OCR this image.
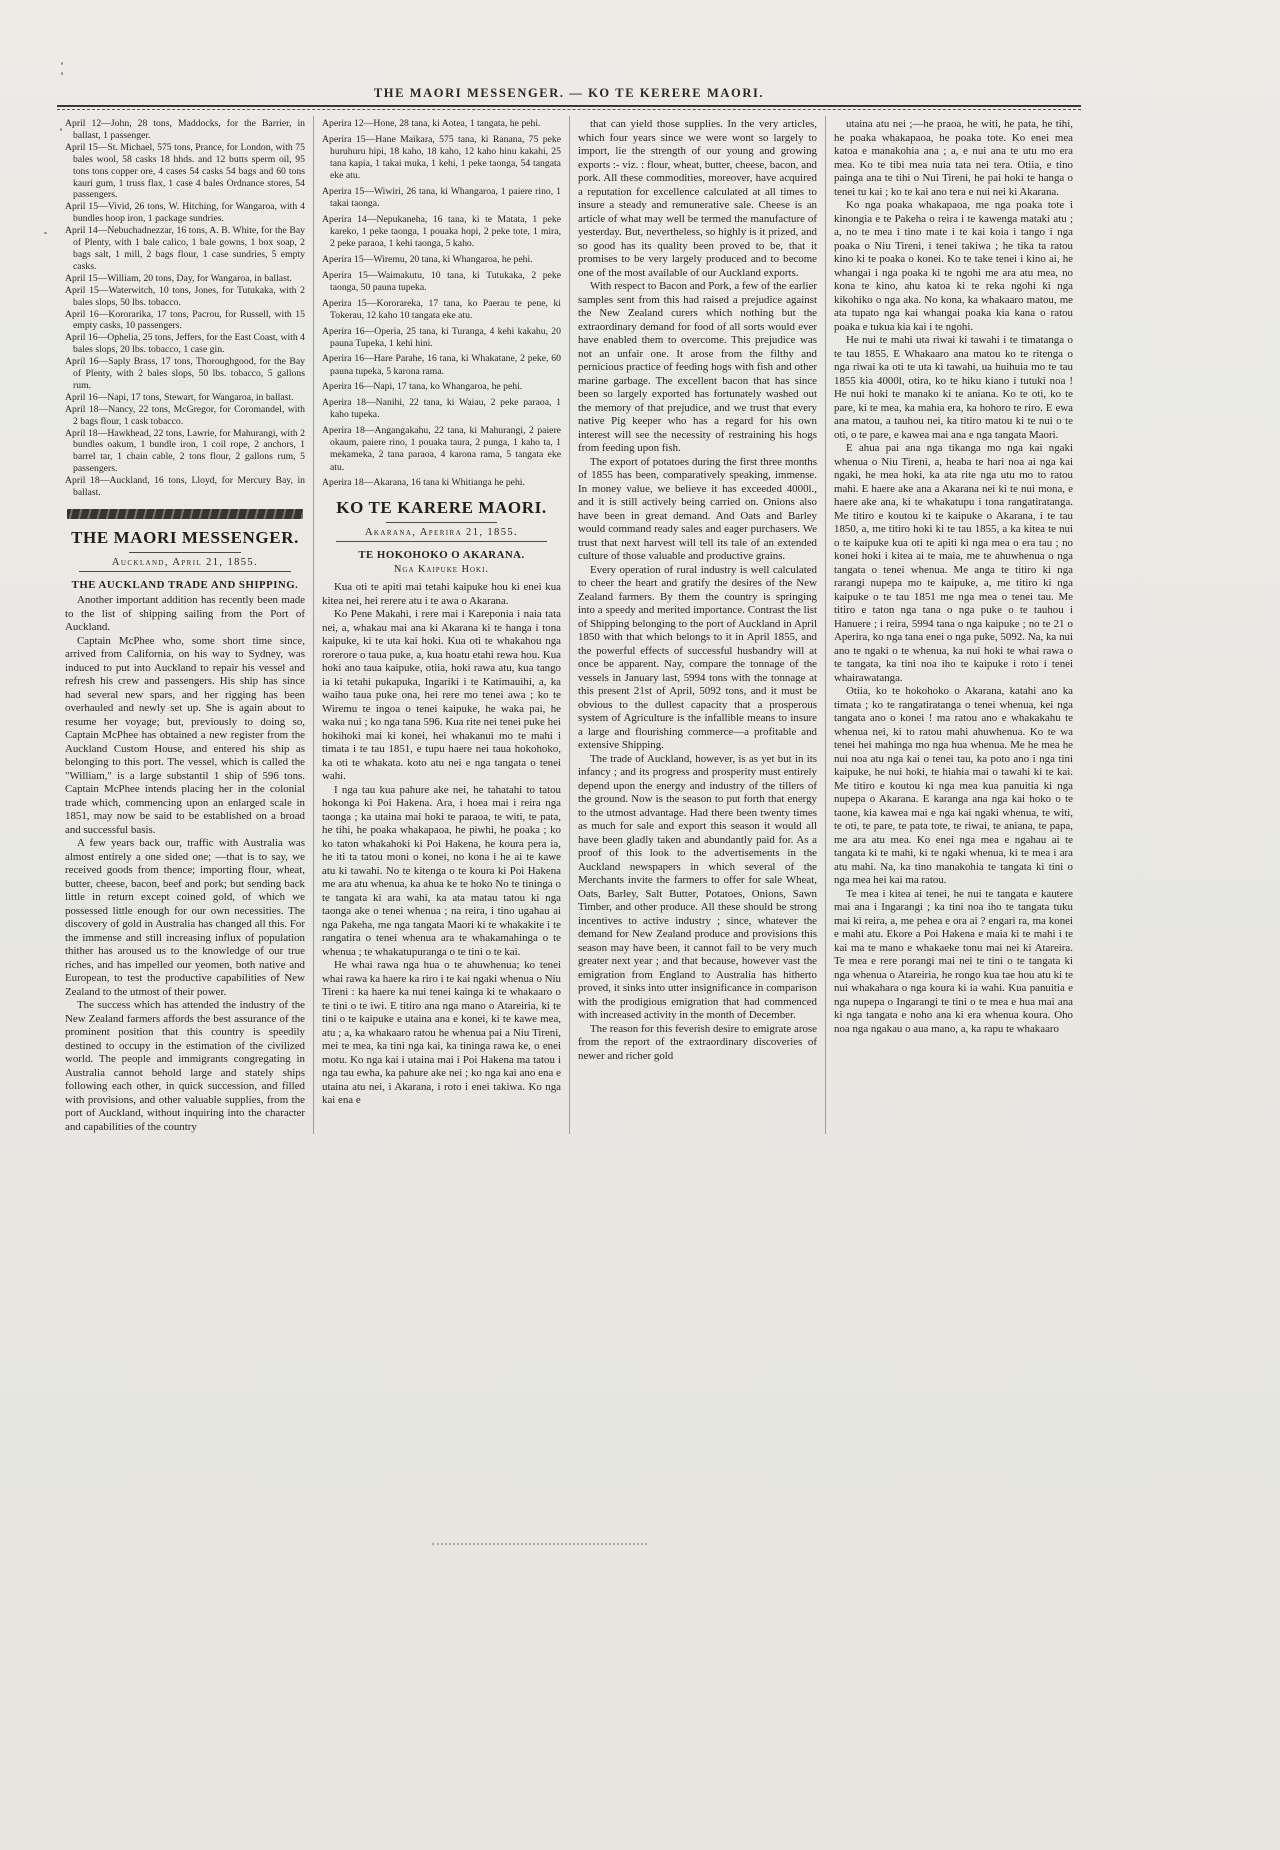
THE MAORI MESSENGER. — KO TE KERERE MAORI.

April 12—John, 28 tons, Maddocks, for the Barrier, in ballast, 1 passenger.

April 15—St. Michael, 575 tons, Prance, for London, with 75 bales wool, 58 casks 18 hhds. and 12 butts sperm oil, 95 tons tons copper ore, 4 cases 54 casks 54 bags and 60 tons kauri gum, 1 truss flax, 1 case 4 bales Ordnance stores, 54 passengers.

April 15—Vivid, 26 tons, W. Hitching, for Wangaroa, with 4 bundles hoop iron, 1 package sundries.

April 14—Nebuchadnezzar, 16 tons, A. B. White, for the Bay of Plenty, with 1 bale calico, 1 bale gowns, 1 box soap, 2 bags salt, 1 mill, 2 bags flour, 1 case sundries, 5 empty casks.

April 15—William, 20 tons, Day, for Wangaroa, in ballast.

April 15—Waterwitch, 10 tons, Jones, for Tutukaka, with 2 bales slops, 50 lbs. tobacco.

April 16—Kororarika, 17 tons, Pacrou, for Russell, with 15 empty casks, 10 passengers.

April 16—Ophelia, 25 tons, Jeffers, for the East Coast, with 4 bales slops, 20 lbs. tobacco, 1 case gin.

April 16—Saply Brass, 17 tons, Thoroughgood, for the Bay of Plenty, with 2 bales slops, 50 lbs. tobacco, 5 gallons rum.

April 16—Napi, 17 tons, Stewart, for Wangaroa, in ballast.

April 18—Nancy, 22 tons, McGregor, for Coromandel, with 2 bags flour, 1 cask tobacco.

April 18—Hawkhead, 22 tons, Lawrie, for Mahurangi, with 2 bundles oakum, 1 bundle iron, 1 coil rope, 2 anchors, 1 barrel tar, 1 chain cable, 2 tons flour, 2 gallons rum, 5 passengers.

April 18—Auckland, 16 tons, Lloyd, for Mercury Bay, in ballast.

THE MAORI MESSENGER.
Auckland, April 21, 1855.
THE AUCKLAND TRADE AND SHIPPING.

Another important addition has recently been made to the list of shipping sailing from the Port of Auckland.

Captain McPhee who, some short time since, arrived from California, on his way to Sydney, was induced to put into Auckland to repair his vessel and refresh his crew and passengers. His ship has since had several new spars, and her rigging has been overhauled and newly set up. She is again about to resume her voyage; but, previously to doing so, Captain McPhee has obtained a new register from the Auckland Custom House, and entered his ship as belonging to this port. The vessel, which is called the "William," is a large substantil 1 ship of 596 tons. Captain McPhee intends placing her in the colonial trade which, commencing upon an enlarged scale in 1851, may now be said to be established on a broad and successful basis.

A few years back our, traffic with Australia was almost entirely a one sided one; —that is to say, we received goods from thence; importing flour, wheat, butter, cheese, bacon, beef and pork; but sending back little in return except coined gold, of which we possessed little enough for our own necessities. The discovery of gold in Australia has changed all this. For the immense and still increasing influx of population thither has aroused us to the knowledge of our true riches, and has impelled our yeomen, both native and European, to test the productive capabilities of New Zealand to the utmost of their power.

The success which has attended the industry of the New Zealand farmers affords the best assurance of the prominent position that this country is speedily destined to occupy in the estimation of the civilized world. The people and immigrants congregating in Australia cannot behold large and stately ships following each other, in quick succession, and filled with provisions, and other valuable supplies, from the port of Auckland, without inquiring into the character and capabilities of the country

Aperira 12—Hone, 28 tana, ki Aotea, 1 tangata, he pehi.

Aperira 15—Hane Maikara, 575 tana, ki Ranana, 75 peke huruhuru hipi, 18 kaho, 18 kaho, 12 kaho hinu kakahi, 25 tana kapia, 1 takai muka, 1 kehi, 1 peke taonga, 54 tangata eke atu.

Aperira 15—Wiwiri, 26 tana, ki Whangaroa, 1 paiere rino, 1 takai taonga.

Aperira 14—Nepukaneha, 16 tana, ki te Matata, 1 peke kareko, 1 peke taonga, 1 pouaka hopi, 2 peke tote, 1 mira, 2 peke paraoa, 1 kehi taonga, 5 kaho.

Aperira 15—Wiremu, 20 tana, ki Whangaroa, he pehi.

Aperira 15—Waimakutu, 10 tana, ki Tutukaka, 2 peke taonga, 50 pauna tupeka.

Aperira 15—Kororareka, 17 tana, ko Paerau te pene, ki Tokerau, 12 kaho 10 tangata eke atu.

Aperira 16—Operia, 25 tana, ki Turanga, 4 kehi kakahu, 20 pauna Tupeka, 1 kehi hini.

Aperira 16—Hare Parahe, 16 tana, ki Whakatane, 2 peke, 60 pauna tupeka, 5 karona rama.

Aperira 16—Napi, 17 tana, ko Whangaroa, he pehi.

Aperira 18—Nanihi, 22 tana, ki Waiau, 2 peke paraoa, 1 kaho tupeka.

Aperira 18—Angangakahu, 22 tana, ki Mahurangi, 2 paiere okaum, paiere rino, 1 pouaka taura, 2 punga, 1 kaho ta, 1 mekameka, 2 tana paraoa, 4 karona rama, 5 tangata eke atu.

Aperira 18—Akarana, 16 tana ki Whitianga he pehi.

KO TE KARERE MAORI.
Akarana, Aperira 21, 1855.
TE HOKOHOKO O AKARANA.
Nga Kaipuke Hoki.

Kua oti te apiti mai tetahi kaipuke hou ki enei kua kitea nei, hei rerere atu i te awa o Akarana.

Ko Pene Makahi, i rere mai i Kareponia i naia tata nei, a, whakau mai ana ki Akarana ki te hanga i tona kaipuke, ki te uta kai hoki. Kua oti te whakahou nga rorerore o taua puke, a, kua hoatu etahi rewa hou. Kua hoki ano taua kaipuke, otiia, hoki rawa atu, kua tango ia ki tetahi pukapuka, Ingariki i te Katimauihi, a, ka waiho taua puke ona, hei rere mo tenei awa ; ko te Wiremu te ingoa o tenei kaipuke, he waka pai, he waka nui ; ko nga tana 596. Kua rite nei tenei puke hei hokihoki mai ki konei, hei whakanui mo te mahi i timata i te tau 1851, e tupu haere nei taua hokohoko, ka oti te whakata. koto atu nei e nga tangata o tenei wahi.

I nga tau kua pahure ake nei, he tahatahi to tatou hokonga ki Poi Hakena. Ara, i hoea mai i reira nga taonga ; ka utaina mai hoki te paraoa, te witi, te pata, he tihi, he poaka whakapaoa, he piwhi, he poaka ; ko ko taton whakahoki ki Poi Hakena, he koura pera ia, he iti ta tatou moni o konei, no kona i he ai te kawe atu ki tawahi. No te kitenga o te koura ki Poi Hakena me ara atu whenua, ka ahua ke te hoko No te tininga o te tangata ki ara wahi, ka ata matau tatou ki nga taonga ake o tenei whenua ; na reira, i tino ugahau ai nga Pakeha, me nga tangata Maori ki te whakakite i te rangatira o tenei whenua ara te whakamahinga o te whenua ; te whakatupuranga o te tini o te kai.

He whai rawa nga hua o te ahuwhenua; ko tenei whai rawa ka haere ka riro i te kai ngaki whenua o Niu Tireni : ka haere ka nui tenei kainga ki te whakaaro o te tini o te iwi. E titiro ana nga mano o Atareiria, ki te tini o te kaipuke e utaina ana e konei, ki te kawe mea, atu ; a, ka whakaaro ratou he whenua pai a Niu Tireni, mei te mea, ka tini nga kai, ka tininga rawa ke, o enei motu. Ko nga kai i utaina mai i Poi Hakena ma tatou i nga tau ewha, ka pahure ake nei ; ko nga kai ano ena e utaina atu nei, i Akarana, i roto i enei takiwa. Ko nga kai ena e

that can yield those supplies. In the very articles, which four years since we were wont so largely to import, lie the strength of our young and growing exports :- viz. : flour, wheat, butter, cheese, bacon, and pork. All these commodities, moreover, have acquired a reputation for excellence calculated at all times to insure a steady and remunerative sale. Cheese is an article of what may well be termed the manufacture of yesterday. But, nevertheless, so highly is it prized, and so good has its quality been proved to be, that it promises to be very largely produced and to become one of the most available of our Auckland exports.

With respect to Bacon and Pork, a few of the earlier samples sent from this had raised a prejudice against the New Zealand curers which nothing but the extraordinary demand for food of all sorts would ever have enabled them to overcome. This prejudice was not an unfair one. It arose from the filthy and pernicious practice of feeding hogs with fish and other marine garbage. The excellent bacon that has since been so largely exported has fortunately washed out the memory of that prejudice, and we trust that every native Pig keeper who has a regard for his own interest will see the necessity of restraining his hogs from feeding upon fish.

The export of potatoes during the first three months of 1855 has been, comparatively speaking, immense. In money value, we believe it has exceeded 4000l., and it is still actively being carried on. Onions also have been in great demand. And Oats and Barley would command ready sales and eager purchasers. We trust that next harvest will tell its tale of an extended culture of those valuable and productive grains.

Every operation of rural industry is well calculated to cheer the heart and gratify the desires of the New Zealand farmers. By them the country is springing into a speedy and merited importance. Contrast the list of Shipping belonging to the port of Auckland in April 1850 with that which belongs to it in April 1855, and the powerful effects of successful husbandry will at once be apparent. Nay, compare the tonnage of the vessels in January last, 5994 tons with the tonnage at this present 21st of April, 5092 tons, and it must be obvious to the dullest capacity that a prosperous system of Agriculture is the infallible means to insure a large and flourishing commerce—a profitable and extensive Shipping.

The trade of Auckland, however, is as yet but in its infancy ; and its progress and prosperity must entirely depend upon the energy and industry of the tillers of the ground. Now is the season to put forth that energy to the utmost advantage. Had there been twenty times as much for sale and export this season it would all have been gladly taken and abundantly paid for. As a proof of this look to the advertisements in the Auckland newspapers in which several of the Merchants invite the farmers to offer for sale Wheat, Oats, Barley, Salt Butter, Potatoes, Onions, Sawn Timber, and other produce. All these should be strong incentives to active industry ; since, whatever the demand for New Zealand produce and provisions this season may have been, it cannot fail to be very much greater next year ; and that because, however vast the emigration from England to Australia has hitherto proved, it sinks into utter insignificance in comparison with the prodigious emigration that had commenced with increased activity in the month of December.

The reason for this feverish desire to emigrate arose from the report of the extraordinary discoveries of newer and richer gold

utaina atu nei ;—he praoa, he witi, he pata, he tihi, he poaka whakapaoa, he poaka tote. Ko enei mea katoa e manakohia ana ; a, e nui ana te utu mo era mea. Ko te tibi mea nuia tata nei tera. Otiia, e tino painga ana te tihi o Nui Tireni, he pai hoki te hanga o tenei tu kai ; ko te kai ano tera e nui nei ki Akarana.

Ko nga poaka whakapaoa, me nga poaka tote i kinongia e te Pakeha o reira i te kawenga mataki atu ; a, no te mea i tino mate i te kai koia i tango i nga poaka o Niu Tireni, i tenei takiwa ; he tika ta ratou kino ki te poaka o konei. Ko te take tenei i kino ai, he whangai i nga poaka ki te ngohi me ara atu mea, no kona te kino, ahu katoa ki te reka ngohi ki nga kikohiko o nga aka. No kona, ka whakaaro matou, me ata tupato nga kai whangai poaka kia kana o ratou poaka e tukua kia kai i te ngohi.

He nui te mahi uta riwai ki tawahi i te timatanga o te tau 1855. E Whakaaro ana matou ko te ritenga o nga riwai ka oti te uta ki tawahi, ua huihuia mo te tau 1855 kia 4000l, otira, ko te hiku kiano i tutuki noa ! He nui hoki te manako ki te aniana. Ko te oti, ko te pare, ki te mea, ka mahia era, ka hohoro te riro. E ewa ana matou, a tauhou nei, ka titiro matou ki te nui o te oti, o te pare, e kawea mai ana e nga tangata Maori.

E ahua pai ana nga tikanga mo nga kai ngaki whenua o Niu Tireni, a, heaba te hari noa ai nga kai ngaki, he mea hoki, ka ata rite nga utu mo to ratou mahi. E haere ake ana a Akarana nei ki te nui mona, e haere ake ana, ki te whakatupu i tona rangatiratanga. Me titiro e koutou ki te kaipuke o Akarana, i te tau 1850, a, me titiro hoki ki te tau 1855, a ka kitea te nui o te kaipuke kua oti te apiti ki nga mea o era tau ; no konei hoki i kitea ai te maia, me te ahuwhenua o nga tangata o tenei whenua. Me anga te titiro ki nga rarangi nupepa mo te kaipuke, a, me titiro ki nga kaipuke o te tau 1851 me nga mea o tenei tau. Me titiro e taton nga tana o nga puke o te tauhou i Hanuere ; i reira, 5994 tana o nga kaipuke ; no te 21 o Aperira, ko nga tana enei o nga puke, 5092. Na, ka nui ano te ngaki o te whenua, ka nui hoki te whai rawa o te tangata, ka tini noa iho te kaipuke i roto i tenei whairawatanga.

Otiia, ko te hokohoko o Akarana, katahi ano ka timata ; ko te rangatiratanga o tenei whenua, kei nga tangata ano o konei ! ma ratou ano e whakakahu te whenua nei, ki to ratou mahi ahuwhenua. Ko te wa tenei hei mahinga mo nga hua whenua. Me he mea he nui noa atu nga kai o tenei tau, ka poto ano i nga tini kaipuke, he nui hoki, te hiahia mai o tawahi ki te kai. Me titiro e koutou ki nga mea kua panuitia ki nga nupepa o Akarana. E karanga ana nga kai hoko o te taone, kia kawea mai e nga kai ngaki whenua, te witi, te oti, te pare, te pata tote, te riwai, te aniana, te papa, me ara atu mea. Ko enei nga mea e ngahau ai te tangata ki te mahi, ki te ngaki whenua, ki te mea i ara atu mahi. Na, ka tino manakohia te tangata ki tini o nga mea hei kai ma ratou.

Te mea i kitea ai tenei, he nui te tangata e kautere mai ana i Ingarangi ; ka tini noa iho te tangata tuku mai ki reira, a, me pehea e ora ai ? engari ra, ma konei e mahi atu. Ekore a Poi Hakena e maia ki te mahi i te kai ma te mano e whakaeke tonu mai nei ki Atareira. Te mea e rere porangi mai nei te tini o te tangata ki nga whenua o Atareiria, he rongo kua tae hou atu ki te nui whakahara o nga koura ki ia wahi. Kua panuitia e nga nupepa o Ingarangi te tini o te mea e hua mai ana ki nga tangata e noho ana ki era whenua koura. Oho noa nga ngakau o aua mano, a, ka rapu te whakaaro
